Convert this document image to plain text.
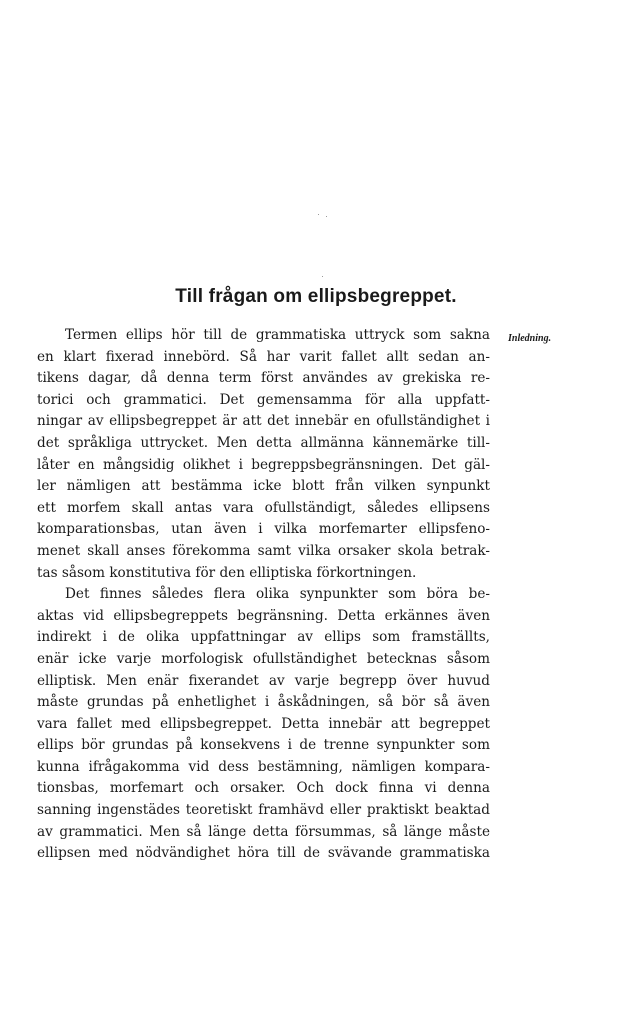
Till frågan om ellipsbegreppet.
Inledning.
Termen ellips hör till de grammatiska uttryck som sakna
en klart fixerad innebörd. Så har varit fallet allt sedan an-
tikens dagar, då denna term först användes av grekiska re-
torici och grammatici. Det gemensamma för alla uppfatt-
ningar av ellipsbegreppet är att det innebär en ofullständighet i
det språkliga uttrycket. Men detta allmänna kännemärke till-
låter en mångsidig olikhet i begreppsbegränsningen. Det gäl-
ler nämligen att bestämma icke blott från vilken synpunkt
ett morfem skall antas vara ofullständigt, således ellipsens
komparationsbas, utan även i vilka morfemarter ellipsfeno-
menet skall anses förekomma samt vilka orsaker skola betrak-
tas såsom konstitutiva för den elliptiska förkortningen.
Det finnes således flera olika synpunkter som böra be-
aktas vid ellipsbegreppets begränsning. Detta erkännes även
indirekt i de olika uppfattningar av ellips som framställts,
enär icke varje morfologisk ofullständighet betecknas såsom
elliptisk. Men enär fixerandet av varje begrepp över huvud
måste grundas på enhetlighet i åskådningen, så bör så även
vara fallet med ellipsbegreppet. Detta innebär att begreppet
ellips bör grundas på konsekvens i de trenne synpunkter som
kunna ifrågakomma vid dess bestämning, nämligen kompara-
tionsbas, morfemart och orsaker. Och dock finna vi denna
sanning ingenstädes teoretiskt framhävd eller praktiskt beaktad
av grammatici. Men så länge detta försummas, så länge måste
ellipsen med nödvändighet höra till de svävande grammatiska
